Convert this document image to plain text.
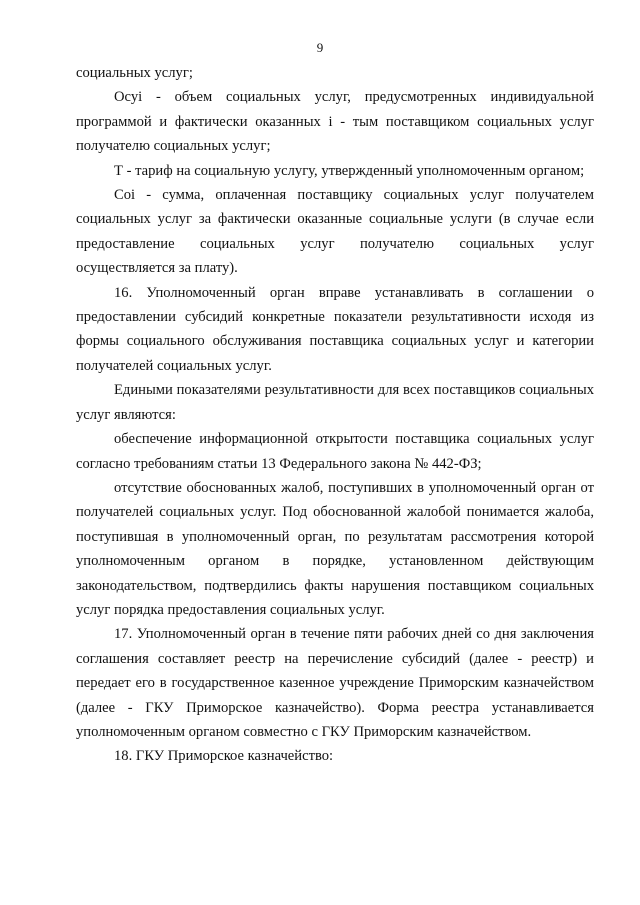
9

социальных услуг;

Осуі - объем социальных услуг, предусмотренных индивидуальной программой и фактически оказанных і - тым поставщиком социальных услуг получателю социальных услуг;

Т - тариф на социальную услугу, утвержденный уполномоченным органом;

Соі - сумма, оплаченная поставщику социальных услуг получателем социальных услуг за фактически оказанные социальные услуги (в случае если предоставление социальных услуг получателю социальных услуг

осуществляется за плату).

16. Уполномоченный орган вправе устанавливать в соглашении о предоставлении субсидий конкретные показатели результативности исходя из формы социального обслуживания поставщика социальных услуг и категории получателей социальных услуг.

Едиными показателями результативности для всех поставщиков социальных услуг являются:

обеспечение информационной открытости поставщика социальных услуг согласно требованиям статьи 13 Федерального закона № 442-ФЗ;

отсутствие обоснованных жалоб, поступивших в уполномоченный орган от получателей социальных услуг. Под обоснованной жалобой понимается жалоба, поступившая в уполномоченный орган, по результатам рассмотрения которой уполномоченным органом в порядке, установленном действующим законодательством, подтвердились факты нарушения поставщиком социальных услуг порядка предоставления социальных услуг.

17. Уполномоченный орган в течение пяти рабочих дней со дня заключения соглашения составляет реестр на перечисление субсидий (далее - реестр) и передает его в государственное казенное учреждение Приморским казначейством (далее - ГКУ Приморское казначейство). Форма реестра устанавливается уполномоченным органом совместно с ГКУ Приморским казначейством.

18. ГКУ Приморское казначейство:
